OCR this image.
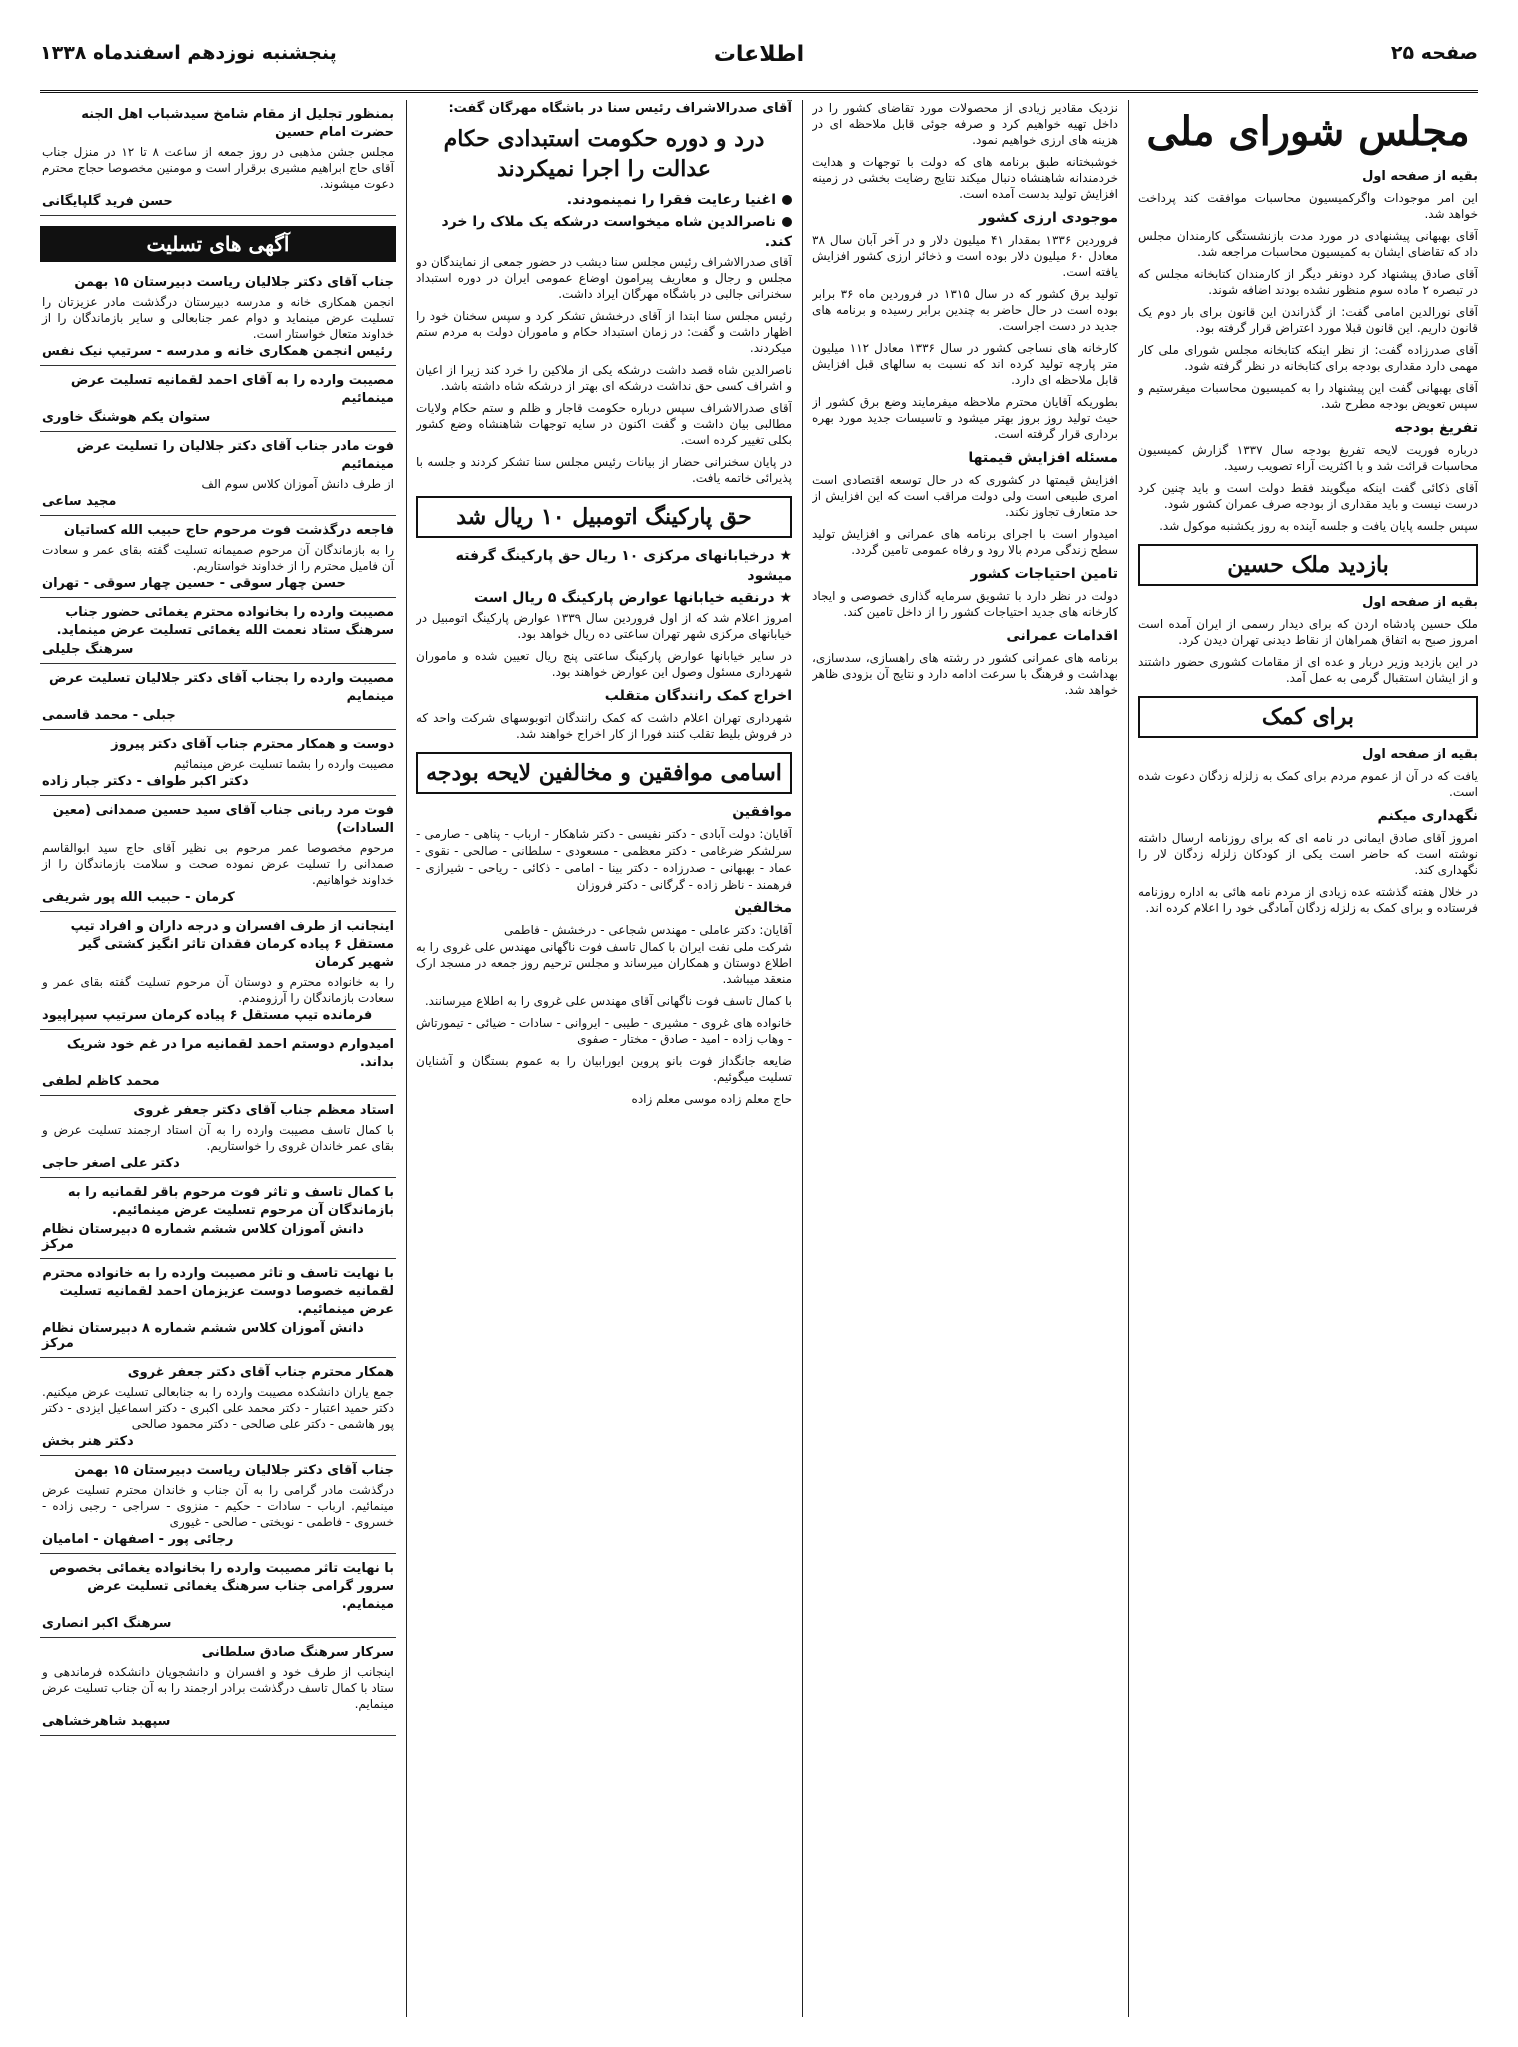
صفحه ۲۵
اطلاعات
پنجشنبه نوزدهم اسفندماه ۱۳۳۸
مجلس شورای ملی
بقیه از صفحه اول

این امر موجودات واگرکمیسیون محاسبات موافقت کند پرداخت خواهد شد.

آقای بهبهانی پیشنهادی در مورد مدت بازنشستگی کارمندان مجلس داد که تقاضای ایشان به کمیسیون محاسبات مراجعه شد.

آقای صادق پیشنهاد کرد دونفر دیگر از کارمندان کتابخانه مجلس که در تبصره ۲ ماده سوم منظور نشده بودند اضافه شوند.

آقای نورالدین امامی گفت: از گذراندن این قانون برای بار دوم یک قانون داریم. این قانون قبلا مورد اعتراض قرار گرفته بود.

آقای صدرزاده گفت: از نظر اینکه کتابخانه مجلس شورای ملی کار مهمی دارد مقداری بودجه برای کتابخانه در نظر گرفته شود.

آقای بهبهانی گفت این پیشنهاد را به کمیسیون محاسبات میفرستیم و سپس تعویض بودجه مطرح شد.

تفریغ بودجه

درباره فوریت لایحه تفریغ بودجه سال ۱۳۳۷ گزارش کمیسیون محاسبات قرائت شد و با اکثریت آراء تصویب رسید.

آقای ذکائی گفت اینکه میگویند فقط دولت است و باید چنین کرد درست نیست و باید مقداری از بودجه صرف عمران کشور شود.

سپس جلسه پایان یافت و جلسه آینده به روز یکشنبه موکول شد.

بازدید ملک حسین
بقیه از صفحه اول

ملک حسین پادشاه اردن که برای دیدار رسمی از ایران آمده است امروز صبح به اتفاق همراهان از نقاط دیدنی تهران دیدن کرد.

در این بازدید وزیر دربار و عده ای از مقامات کشوری حضور داشتند و از ایشان استقبال گرمی به عمل آمد.

برای کمک
بقیه از صفحه اول

یافت که در آن از عموم مردم برای کمک به زلزله زدگان دعوت شده است.

نگهداری میکنم

امروز آقای صادق ایمانی در نامه ای که برای روزنامه ارسال داشته نوشته است که حاضر است یکی از کودکان زلزله زدگان لار را نگهداری کند.

در خلال هفته گذشته عده زیادی از مردم نامه هائی به اداره روزنامه فرستاده و برای کمک به زلزله زدگان آمادگی خود را اعلام کرده اند.

نزدیک مقادیر زیادی از محصولات مورد تقاضای کشور را در داخل تهیه خواهیم کرد و صرفه جوئی قابل ملاحظه ای در هزینه های ارزی خواهیم نمود.

خوشبختانه طبق برنامه های که دولت با توجهات و هدایت خردمندانه شاهنشاه دنبال میکند نتایج رضایت بخشی در زمینه افزایش تولید بدست آمده است.

موجودی ارزی کشور

فروردین ۱۳۳۶ بمقدار ۴۱ میلیون دلار و در آخر آبان سال ۳۸ معادل ۶۰ میلیون دلار بوده است و ذخائر ارزی کشور افزایش یافته است.

تولید برق کشور که در سال ۱۳۱۵ در فروردین ماه ۳۶ برابر بوده است در حال حاضر به چندین برابر رسیده و برنامه های جدید در دست اجراست.

کارخانه های نساجی کشور در سال ۱۳۳۶ معادل ۱۱۲ میلیون متر پارچه تولید کرده اند که نسبت به سالهای قبل افزایش قابل ملاحظه ای دارد.

بطوریکه آقایان محترم ملاحظه میفرمایند وضع برق کشور از حیث تولید روز بروز بهتر میشود و تاسیسات جدید مورد بهره برداری قرار گرفته است.

مسئله افزایش قیمتها

افزایش قیمتها در کشوری که در حال توسعه اقتصادی است امری طبیعی است ولی دولت مراقب است که این افزایش از حد متعارف تجاوز نکند.

امیدوار است با اجرای برنامه های عمرانی و افزایش تولید سطح زندگی مردم بالا رود و رفاه عمومی تامین گردد.

تامین احتیاجات کشور

دولت در نظر دارد با تشویق سرمایه گذاری خصوصی و ایجاد کارخانه های جدید احتیاجات کشور را از داخل تامین کند.

اقدامات عمرانی

برنامه های عمرانی کشور در رشته های راهسازی، سدسازی، بهداشت و فرهنگ با سرعت ادامه دارد و نتایج آن بزودی ظاهر خواهد شد.

آقای صدرالاشراف رئیس سنا در باشگاه مهرگان گفت:
درد و دوره حکومت استبدادی حکام عدالت را اجرا نمیکردند
اغنیا رعایت فقرا را نمینمودند.
ناصرالدین شاه میخواست درشکه یک ملاک را خرد کند.

آقای صدرالاشراف رئیس مجلس سنا دیشب در حضور جمعی از نمایندگان دو مجلس و رجال و معاریف پیرامون اوضاع عمومی ایران در دوره استبداد سخنرانی جالبی در باشگاه مهرگان ایراد داشت.

رئیس مجلس سنا ابتدا از آقای درخشش تشکر کرد و سپس سخنان خود را اظهار داشت و گفت: در زمان استبداد حکام و ماموران دولت به مردم ستم میکردند.

ناصرالدین شاه قصد داشت درشکه یکی از ملاکین را خرد کند زیرا از اعیان و اشراف کسی حق نداشت درشکه ای بهتر از درشکه شاه داشته باشد.

آقای صدرالاشراف سپس درباره حکومت قاجار و ظلم و ستم حکام ولایات مطالبی بیان داشت و گفت اکنون در سایه توجهات شاهنشاه وضع کشور بکلی تغییر کرده است.

در پایان سخنرانی حضار از بیانات رئیس مجلس سنا تشکر کردند و جلسه با پذیرائی خاتمه یافت.

حق پارکینگ اتومبیل ۱۰ ریال شد
★ درخیابانهای مرکزی ۱۰ ریال حق پارکینگ گرفته میشود
★ درنقیه خیابانها عوارض پارکینگ ۵ ریال است

امروز اعلام شد که از اول فروردین سال ۱۳۳۹ عوارض پارکینگ اتومبیل در خیابانهای مرکزی شهر تهران ساعتی ده ریال خواهد بود.

در سایر خیابانها عوارض پارکینگ ساعتی پنج ریال تعیین شده و ماموران شهرداری مسئول وصول این عوارض خواهند بود.

اخراج کمک رانندگان متقلب

شهرداری تهران اعلام داشت که کمک رانندگان اتوبوسهای شرکت واحد که در فروش بلیط تقلب کنند فورا از کار اخراج خواهند شد.

اسامی موافقین و مخالفین لایحه بودجه
موافقین
آقایان: دولت آبادی - دکتر نفیسی - دکتر شاهکار - ارباب - پناهی - صارمی - سرلشکر ضرغامی - دکتر معظمی - مسعودی - سلطانی - صالحی - نقوی - عماد - بهبهانی - صدرزاده - دکتر بینا - امامی - ذکائی - ریاحی - شیرازی - فرهمند - ناظر زاده - گرگانی - دکتر فروزان
مخالفین
آقایان: دکتر عاملی - مهندس شجاعی - درخشش - فاطمی

شرکت ملی نفت ایران با کمال تاسف فوت ناگهانی مهندس علی غروی را به اطلاع دوستان و همکاران میرساند و مجلس ترحیم روز جمعه در مسجد ارک منعقد میباشد.

با کمال تاسف فوت ناگهانی آقای مهندس علی غروی را به اطلاع میرسانند.

خانواده های غروی - مشیری - طیبی - ایروانی - سادات - ضیائی - تیمورتاش - وهاب زاده - امید - صادق - مختار - صفوی

ضایعه جانگداز فوت بانو پروین ایورابیان را به عموم بستگان و آشنایان تسلیت میگوئیم.

حاج معلم زاده موسی معلم زاده

بمنظور تجلیل از مقام شامخ سیدشباب اهل الجنه حضرت امام حسین
مجلس جشن مذهبی در روز جمعه از ساعت ۸ تا ۱۲ در منزل جناب آقای حاج ابراهیم مشیری برقرار است و مومنین مخصوصا حجاج محترم دعوت میشوند.
حسن فرید گلپایگانی
آگهی های تسلیت
جناب آقای دکتر جلالیان ریاست دبیرستان ۱۵ بهمن
انجمن همکاری خانه و مدرسه دبیرستان درگذشت مادر عزیزتان را تسلیت عرض مینماید و دوام عمر جنابعالی و سایر بازماندگان را از خداوند متعال خواستار است.
رئیس انجمن همکاری خانه و مدرسه - سرتیپ نیک نفس
مصیبت وارده را به آقای احمد لقمانیه تسلیت عرض مینمائیم
ستوان یکم هوشنگ خاوری
فوت مادر جناب آقای دکتر جلالیان را تسلیت عرض مینمائیم
از طرف دانش آموزان کلاس سوم الف
مجید ساعی
فاجعه درگذشت فوت مرحوم حاج حبیب الله کساتیان
را به بازماندگان آن مرحوم صمیمانه تسلیت گفته بقای عمر و سعادت آن فامیل محترم را از خداوند خواستاریم.
حسن چهار سوقی - حسین چهار سوقی - تهران
مصیبت وارده را بخانواده محترم یغمائی حضور جناب سرهنگ ستاد نعمت الله یغمائی تسلیت عرض مینماید.
سرهنگ جلیلی
مصیبت وارده را بجناب آقای دکتر جلالیان تسلیت عرض مینمایم
جبلی - محمد قاسمی
دوست و همکار محترم جناب آقای دکتر پیروز
مصیبت وارده را بشما تسلیت عرض مینمائیم
دکتر اکبر طواف - دکتر جبار زاده
فوت مرد ربانی جناب آقای سید حسین صمدانی (معین السادات)
مرحوم مخصوصا عمر مرحوم بی نظیر آقای حاج سید ابوالقاسم صمدانی را تسلیت عرض نموده صحت و سلامت بازماندگان را از خداوند خواهانیم.
کرمان - حبیب الله پور شریفی
اینجانب از طرف افسران و درجه داران و افراد تیپ مستقل ۶ پیاده کرمان فقدان تاثر انگیز کشتی گیر شهیر کرمان
را به خانواده محترم و دوستان آن مرحوم تسلیت گفته بقای عمر و سعادت بازماندگان را آرزومندم.
فرمانده تیپ مستقل ۶ پیاده کرمان سرتیپ سپراپیود
امیدوارم دوستم احمد لقمانیه مرا در غم خود شریک بداند.
محمد کاظم لطفی
استاد معظم جناب آقای دکتر جعفر غروی
با کمال تاسف مصیبت وارده را به آن استاد ارجمند تسلیت عرض و بقای عمر خاندان غروی را خواستاریم.
دکتر علی اصغر حاجی
با کمال تاسف و تاثر فوت مرحوم باقر لقمانیه را به بازماندگان آن مرحوم تسلیت عرض مینمائیم.
دانش آموزان کلاس ششم شماره ۵ دبیرستان نظام مرکز
با نهایت تاسف و تاثر مصیبت وارده را به خانواده محترم لقمانیه خصوصا دوست عزیزمان احمد لقمانیه تسلیت عرض مینمائیم.
دانش آموزان کلاس ششم شماره ۸ دبیرستان نظام مرکز
همکار محترم جناب آقای دکتر جعفر غروی
جمع یاران دانشکده مصیبت وارده را به جنابعالی تسلیت عرض میکنیم. دکتر حمید اعتبار - دکتر محمد علی اکبری - دکتر اسماعیل ایزدی - دکتر پور هاشمی - دکتر علی صالحی - دکتر محمود صالحی
دکتر هنر بخش
جناب آقای دکتر جلالیان ریاست دبیرستان ۱۵ بهمن
درگذشت مادر گرامی را به آن جناب و خاندان محترم تسلیت عرض مینمائیم. ارباب - سادات - حکیم - منزوی - سراجی - رجبی زاده - خسروی - فاطمی - نوبختی - صالحی - غیوری
رجائی پور - اصفهان - امامیان
با نهایت تاثر مصیبت وارده را بخانواده یغمائی بخصوص سرور گرامی جناب سرهنگ یغمائی تسلیت عرض مینمایم.
سرهنگ اکبر انصاری
سرکار سرهنگ صادق سلطانی
اینجانب از طرف خود و افسران و دانشجویان دانشکده فرماندهی و ستاد با کمال تاسف درگذشت برادر ارجمند را به آن جناب تسلیت عرض مینمایم.
سپهبد شاهرخشاهی
